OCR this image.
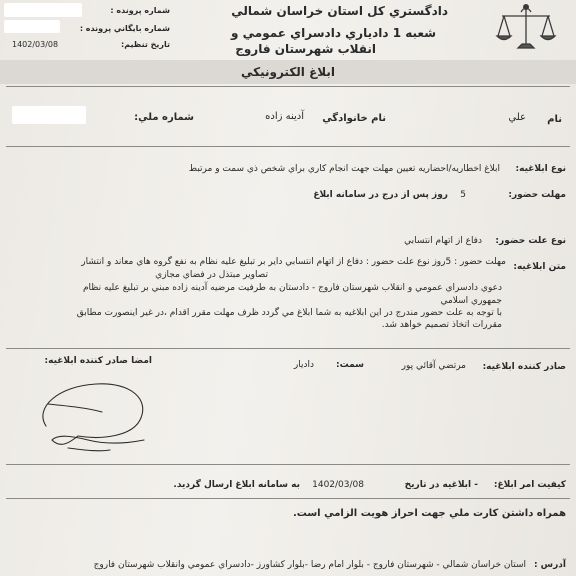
دادگستري كل استان خراسان شمالي
شعبه 1 دادياري دادسراي عمومي و
انقلاب شهرستان فاروج
شماره پرونده :
شماره بايگاني پرونده :
تاريخ تنظيم:
1402/03/08
ابلاغ الكترونيكي
نام
علي
نام خانوادگي
آدينه زاده
شماره ملي:
نوع ابلاغيه:
ابلاغ اخطاريه/احضاريه تعيين مهلت جهت انجام كاري براي شخص ذي سمت و مرتبط
مهلت حضور:
5
روز پس از درج در سامانه ابلاغ
نوع علت حضور:
دفاع از اتهام انتسابي
متن ابلاغيه:
مهلت حضور : 5روز نوع علت حضور : دفاع از اتهام انتسابي داير بر تبليغ عليه نظام به نفع گروه هاي معاند و انتشار
تصاوير مبتذل در فضاي مجازي
دعوي دادسراي عمومي و انقلاب شهرستان فاروج - دادستان به طرفيت مرضيه آدينه زاده مبني بر تبليغ عليه نظام
جمهوري اسلامي
با توجه به علت حضور مندرج در اين ابلاغيه به شما ابلاغ مي گردد ظرف مهلت مقرر اقدام ،در غير اينصورت مطابق
مقررات اتخاذ تصميم خواهد شد.
صادر كننده ابلاغيه:
مرتضي آقائي پور
سمت:
داديار
امضا صادر كننده ابلاغيه:
كيفيت امر ابلاغ:
- ابلاغيه در تاريخ
1402/03/08
به سامانه ابلاغ ارسال گرديد.
همراه داشتن كارت ملي جهت احراز هويت الزامي است.
آدرس :
استان خراسان شمالي - شهرستان فاروج - بلوار امام رضا -بلوار كشاورز -دادسراي عمومي وانقلاب شهرستان فاروج
